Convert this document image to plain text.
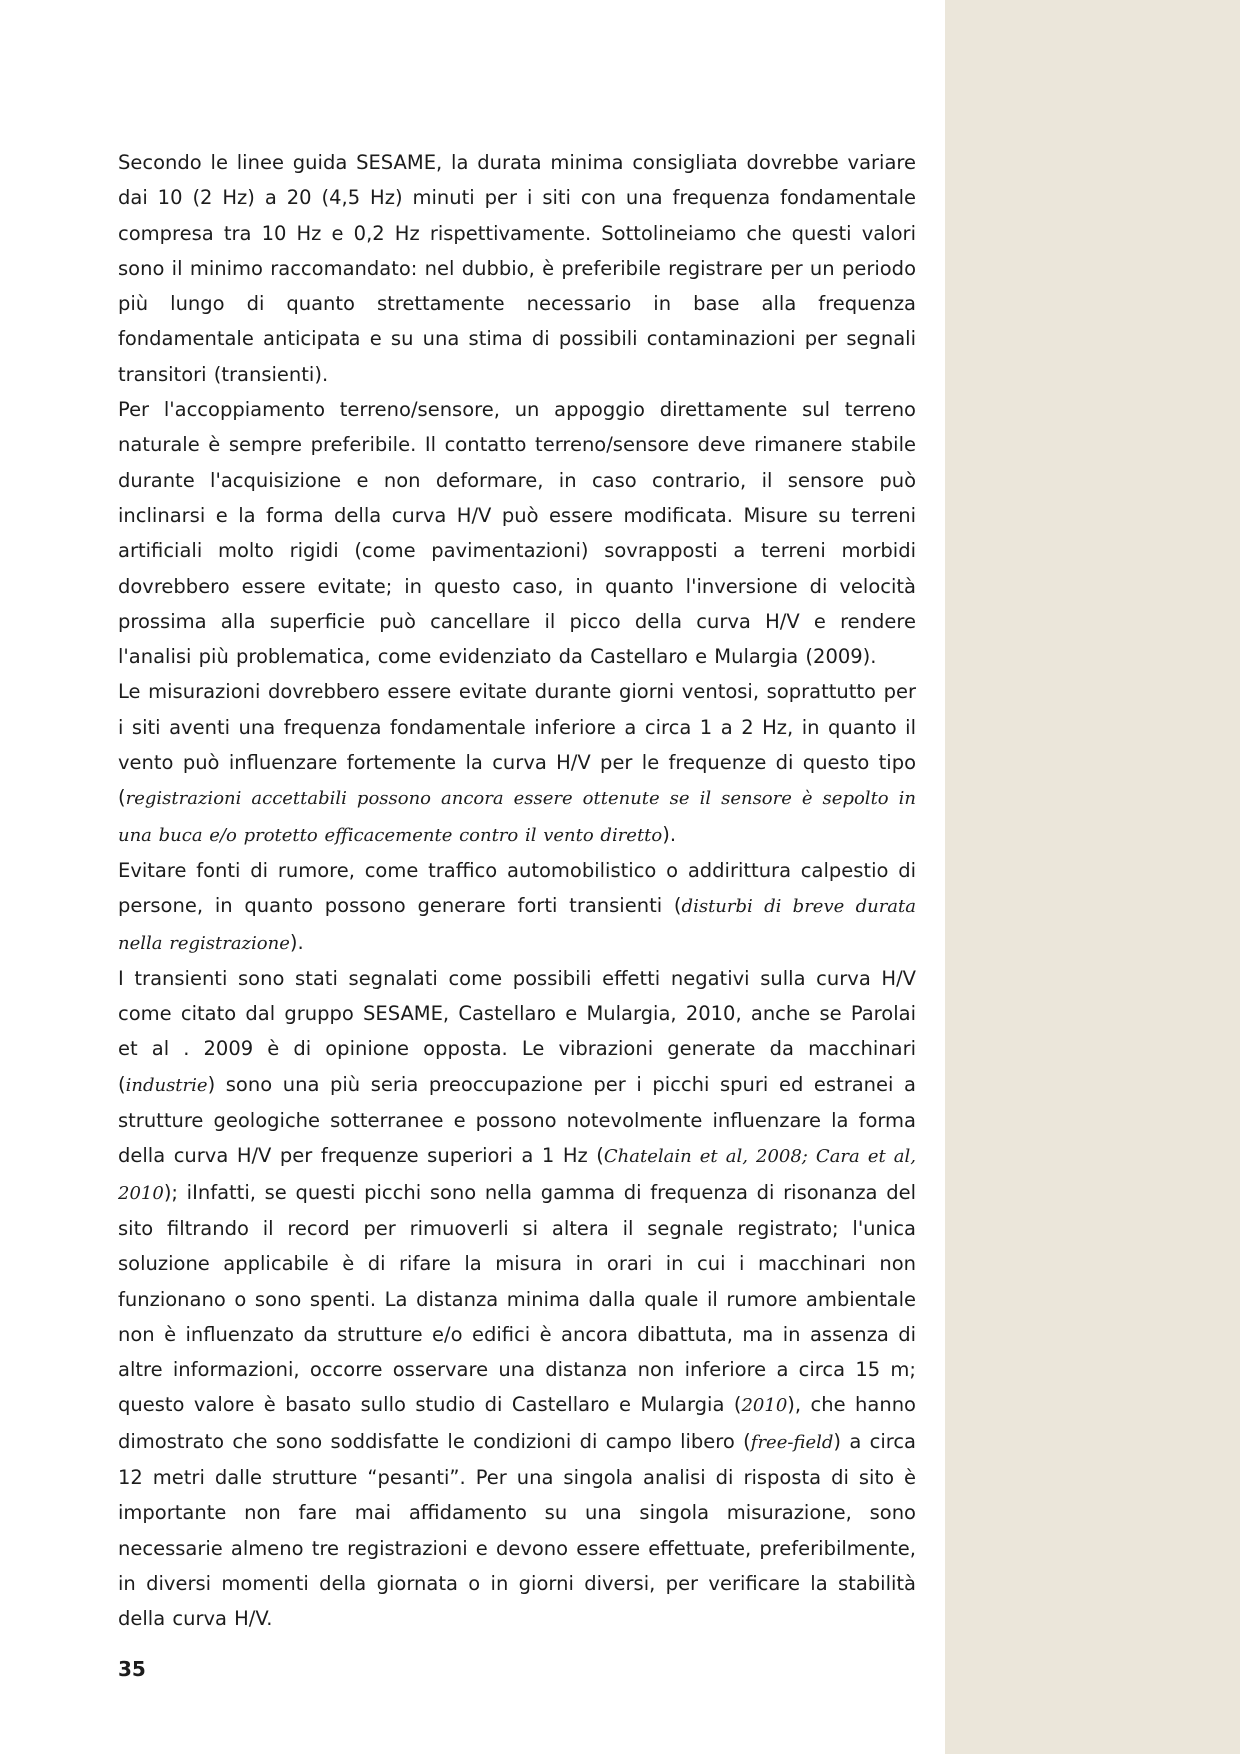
Secondo le linee guida SESAME, la durata minima consigliata dovrebbe variare dai 10 (2 Hz) a 20 (4,5 Hz) minuti per i siti con una frequenza fondamentale compresa tra 10 Hz e 0,2 Hz rispettivamente. Sottolineiamo che questi valori sono il minimo raccomandato: nel dubbio, è preferibile registrare per un periodo più lungo di quanto strettamente necessario in base alla frequenza fondamentale anticipata e su una stima di possibili contaminazioni per segnali transitori (transienti).

Per l'accoppiamento terreno/sensore, un appoggio direttamente sul terreno naturale è sempre preferibile. Il contatto terreno/sensore deve rimanere stabile durante l'acquisizione e non deformare, in caso contrario, il sensore può inclinarsi e la forma della curva H/V può essere modificata. Misure su terreni artificiali molto rigidi (come pavimentazioni) sovrapposti a terreni morbidi dovrebbero essere evitate; in questo caso, in quanto l'inversione di velocità prossima alla superficie può cancellare il picco della curva H/V e rendere l'analisi più problematica, come evidenziato da Castellaro e Mulargia (2009).

Le misurazioni dovrebbero essere evitate durante giorni ventosi, soprattutto per i siti aventi una frequenza fondamentale inferiore a circa 1 a 2 Hz, in quanto il vento può influenzare fortemente la curva H/V per le frequenze di questo tipo (registrazioni accettabili possono ancora essere ottenute se il sensore è sepolto in una buca e/o protetto efficacemente contro il vento diretto).

Evitare fonti di rumore, come traffico automobilistico o addirittura calpestio di persone, in quanto possono generare forti transienti (disturbi di breve durata nella registrazione).

I transienti sono stati segnalati come possibili effetti negativi sulla curva H/V come citato dal gruppo SESAME, Castellaro e Mulargia, 2010, anche se Parolai et al . 2009 è di opinione opposta. Le vibrazioni generate da macchinari (industrie) sono una più seria preoccupazione per i picchi spuri ed estranei a strutture geologiche sotterranee e possono notevolmente influenzare la forma della curva H/V per frequenze superiori a 1 Hz (Chatelain et al, 2008; Cara et al, 2010); iInfatti, se questi picchi sono nella gamma di frequenza di risonanza del sito filtrando il record per rimuoverli si altera il segnale registrato; l'unica soluzione applicabile è di rifare la misura in orari in cui i macchinari non funzionano o sono spenti. La distanza minima dalla quale il rumore ambientale non è influenzato da strutture e/o edifici è ancora dibattuta, ma in assenza di altre informazioni, occorre osservare una distanza non inferiore a circa 15 m; questo valore è basato sullo studio di Castellaro e Mulargia (2010), che hanno dimostrato che sono soddisfatte le condizioni di campo libero (free-field) a circa 12 metri dalle strutture “pesanti”. Per una singola analisi di risposta di sito è importante non fare mai affidamento su una singola misurazione, sono necessarie almeno tre registrazioni e devono essere effettuate, preferibilmente, in diversi momenti della giornata o in giorni diversi, per verificare la stabilità della curva H/V.

35
